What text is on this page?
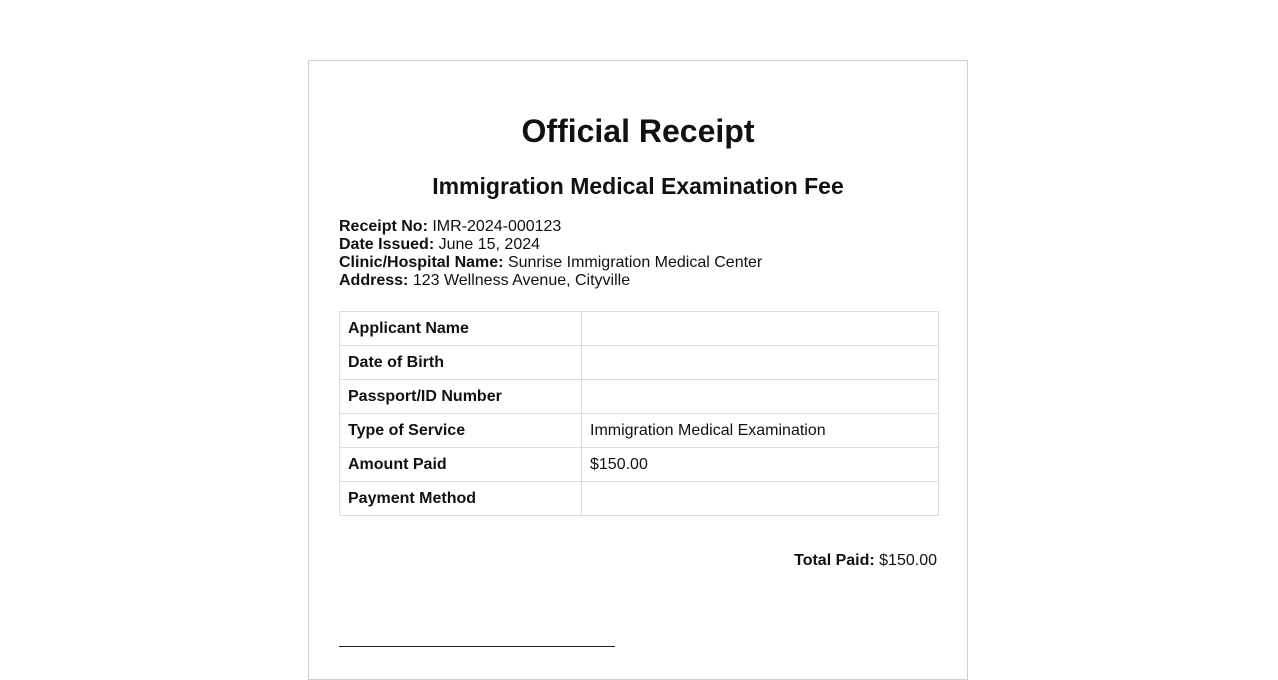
Official Receipt
Immigration Medical Examination Fee
Receipt No: IMR-2024-000123
Date Issued: June 15, 2024
Clinic/Hospital Name: Sunrise Immigration Medical Center
Address: 123 Wellness Avenue, Cityville
Applicant Name	
Date of Birth	
Passport/ID Number	
Type of Service	Immigration Medical Examination
Amount Paid	$150.00
Payment Method	
Total Paid: $150.00
